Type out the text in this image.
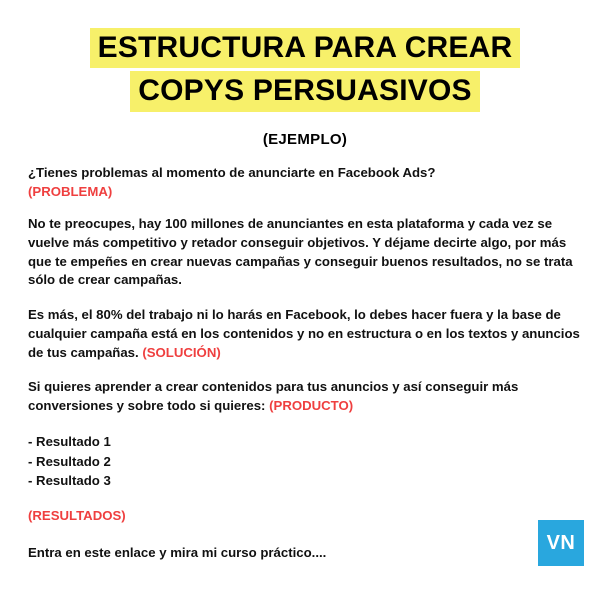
ESTRUCTURA PARA CREAR
COPYS PERSUASIVOS
(EJEMPLO)

¿Tienes problemas al momento de anunciarte en Facebook Ads?
(PROBLEMA)

No te preocupes, hay 100 millones de anunciantes en esta plataforma y cada vez se vuelve más competitivo y retador conseguir objetivos. Y déjame decirte algo, por más que te empeñes en crear nuevas campañas y conseguir buenos resultados, no se trata sólo de crear campañas.

Es más, el 80% del trabajo ni lo harás en Facebook, lo debes hacer fuera y la base de cualquier campaña está en los contenidos y no en estructura o en los textos y anuncios de tus campañas. (SOLUCIÓN)

Si quieres aprender a crear contenidos para tus anuncios y así conseguir más conversiones y sobre todo si quieres: (PRODUCTO)

- Resultado 1
- Resultado 2
- Resultado 3

(RESULTADOS)

Entra en este enlace y mira mi curso práctico....	VN
